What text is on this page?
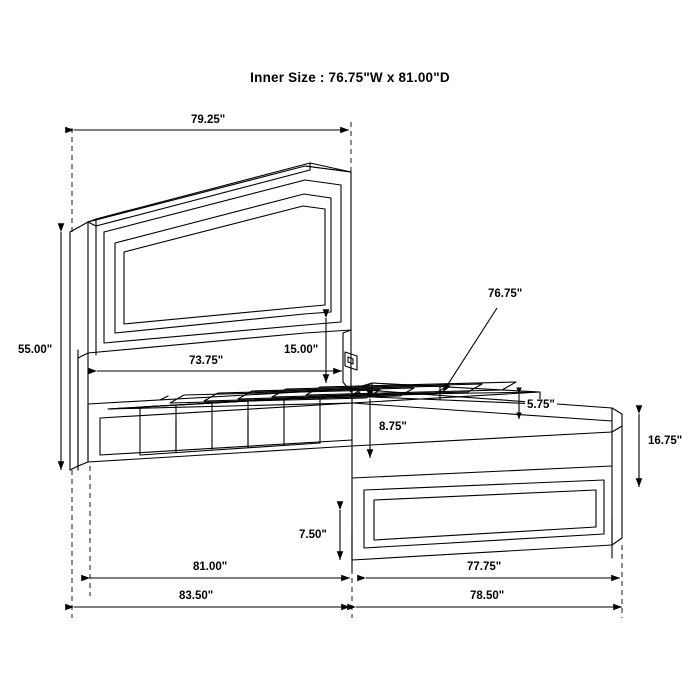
Inner Size : 76.75"W x 81.00"D
79.25"
55.00"
73.75"
15.00"
8.75"
7.50"
76.75"
5.75"
16.75"
81.00"	77.75"
83.50"	78.50"
